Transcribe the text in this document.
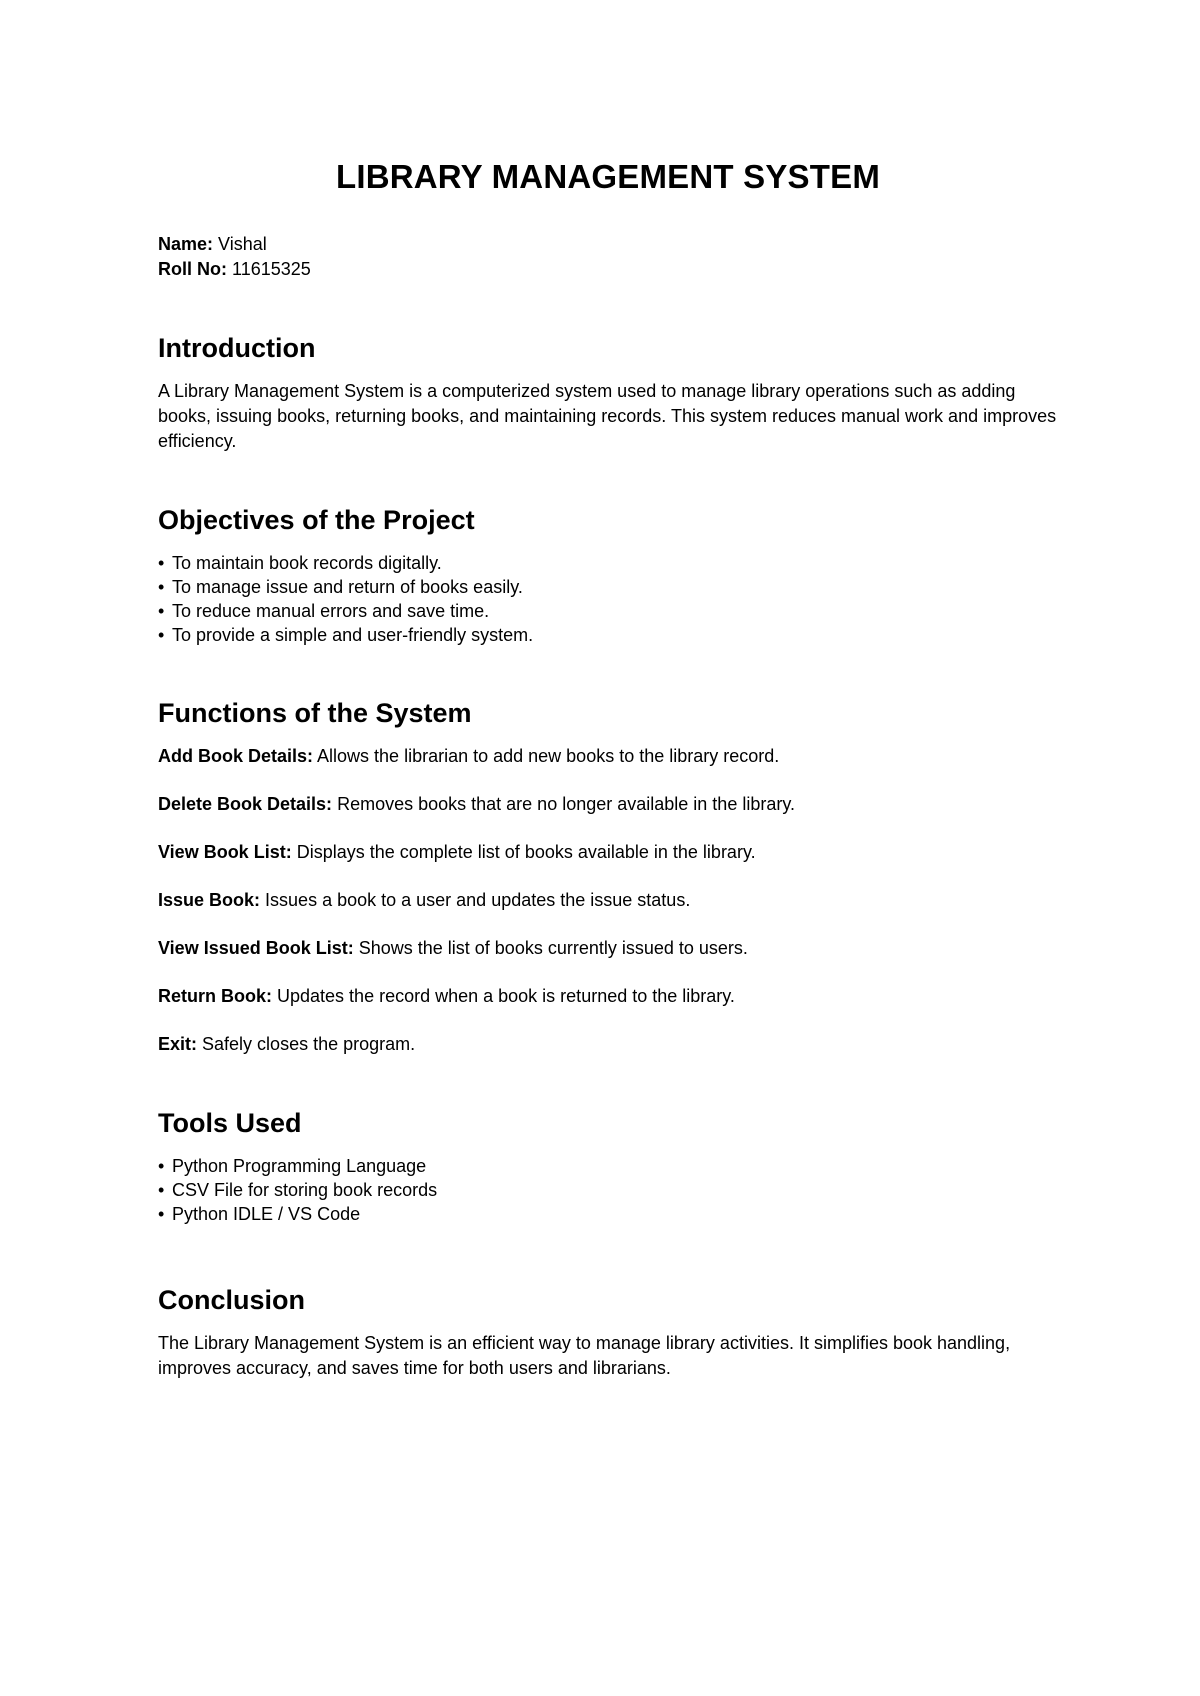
LIBRARY MANAGEMENT SYSTEM

Name: Vishal

Roll No: 11615325

Introduction

A Library Management System is a computerized system used to manage library operations such as adding books, issuing books, returning books, and maintaining records. This system reduces manual work and improves efficiency.

Objectives of the Project
• To maintain book records digitally.
• To manage issue and return of books easily.
• To reduce manual errors and save time.
• To provide a simple and user-friendly system.
Functions of the System
Add Book Details: Allows the librarian to add new books to the library record.
Delete Book Details: Removes books that are no longer available in the library.
View Book List: Displays the complete list of books available in the library.
Issue Book: Issues a book to a user and updates the issue status.
View Issued Book List: Shows the list of books currently issued to users.
Return Book: Updates the record when a book is returned to the library.
Exit: Safely closes the program.
Tools Used
• Python Programming Language
• CSV File for storing book records
• Python IDLE / VS Code
Conclusion

The Library Management System is an efficient way to manage library activities. It simplifies book handling, improves accuracy, and saves time for both users and librarians.
